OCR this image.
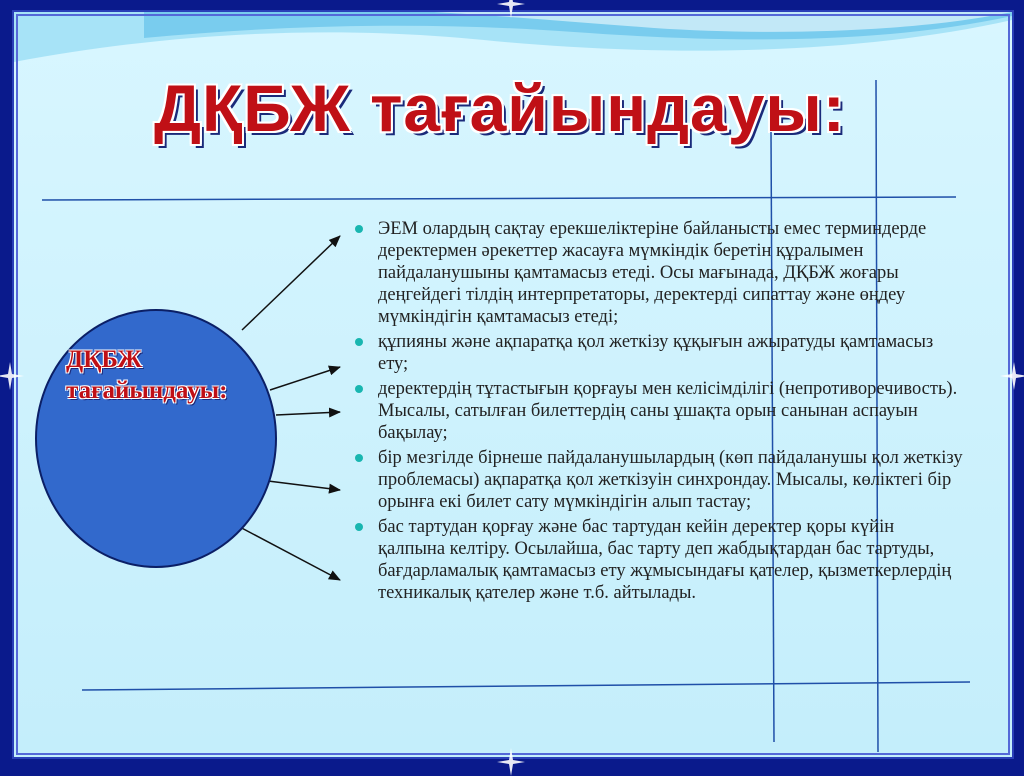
ДҚБЖ тағайындауы:

ДҚБЖ
тағайындауы:

ЭЕМ олардың сақтау ерекшеліктеріне байланысты емес терминдерде деректермен әрекеттер жасауға мүмкіндік беретін құралымен пайдаланушыны қамтамасыз етеді. Осы мағынада, ДҚБЖ жоғары деңгейдегі тілдің интерпретаторы, деректерді сипаттау және өңдеу мүмкіндігін қамтамасыз етеді;
құпияны және ақпаратқа қол жеткізу құқығын ажыратуды қамтамасыз ету;
деректердің тұтастығын қорғауы мен келісімділігі (непротиворечивость). Мысалы, сатылған билеттердің саны ұшақта орын санынан аспауын бақылау;
бір мезгілде бірнеше пайдаланушылардың (көп пайдаланушы қол жеткізу проблемасы) ақпаратқа қол жеткізуін синхрондау. Мысалы, көліктегі бір орынға екі билет сату мүмкіндігін алып тастау;
бас тартудан қорғау және бас тартудан кейін деректер қоры күйін қалпына келтіру. Осылайша, бас тарту деп жабдықтардан бас тартуды, бағдарламалық қамтамасыз ету жұмысындағы қателер, қызметкерлердің техникалық қателер және т.б. айтылады.
